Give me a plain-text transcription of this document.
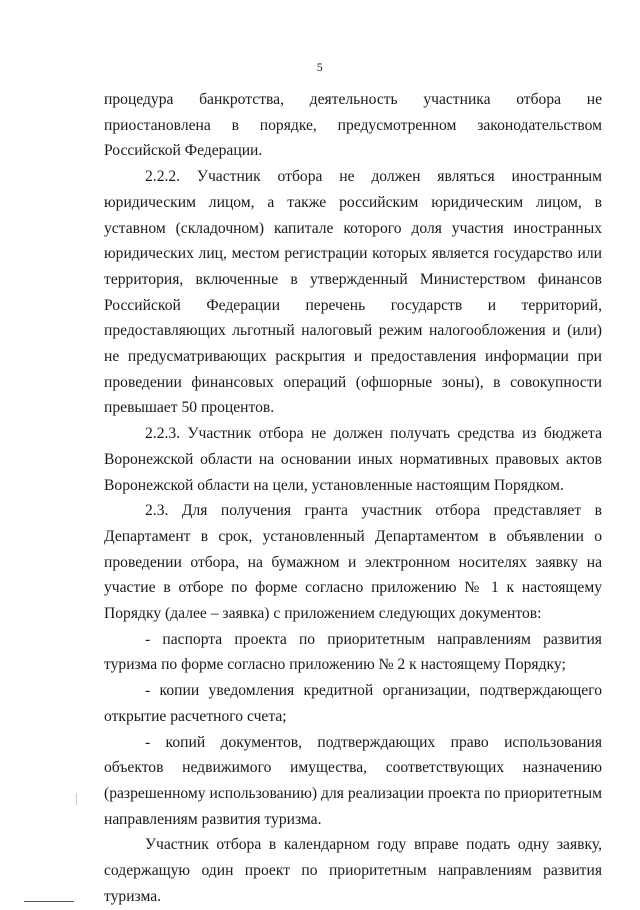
5

процедура банкротства, деятельность участника отбора не приостановлена в порядке, предусмотренном законодательством Российской Федерации.

2.2.2. Участник отбора не должен являться иностранным юридическим лицом, а также российским юридическим лицом, в уставном (складочном) капитале которого доля участия иностранных юридических лиц, местом регистрации которых является государство или территория, включенные в утвержденный Министерством финансов Российской Федерации перечень государств и территорий, предоставляющих льготный налоговый режим налогообложения и (или) не предусматривающих раскрытия и предоставления информации при проведении финансовых операций (офшорные зоны), в совокупности превышает 50 процентов.

2.2.3. Участник отбора не должен получать средства из бюджета Воронежской области на основании иных нормативных правовых актов Воронежской области на цели, установленные настоящим Порядком.

2.3. Для получения гранта участник отбора представляет в Департамент в срок, установленный Департаментом в объявлении о проведении отбора, на бумажном и электронном носителях заявку на участие в отборе по форме согласно приложению № 1 к настоящему Порядку (далее – заявка) с приложением следующих документов:

- паспорта проекта по приоритетным направлениям развития туризма по форме согласно приложению № 2 к настоящему Порядку;

- копии уведомления кредитной организации, подтверждающего открытие расчетного счета;

- копий документов, подтверждающих право использования объектов недвижимого имущества, соответствующих назначению (разрешенному использованию) для реализации проекта по приоритетным направлениям развития туризма.

Участник отбора в календарном году вправе подать одну заявку, содержащую один проект по приоритетным направлениям развития туризма.
